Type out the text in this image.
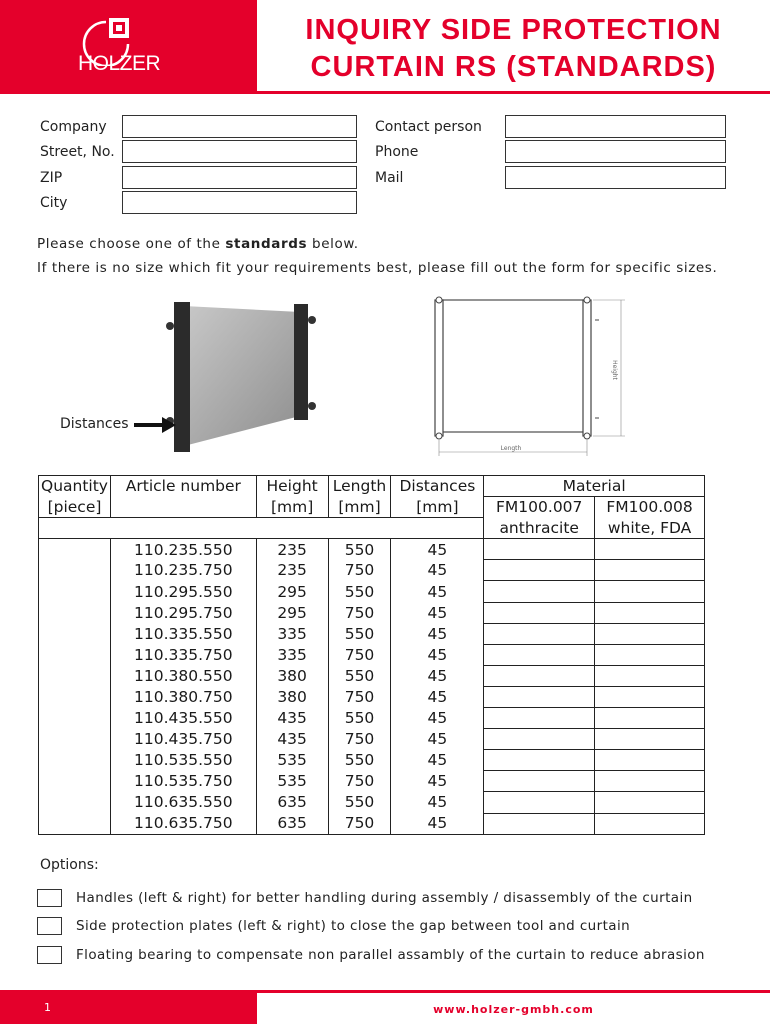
HOLZER
INQUIRY SIDE PROTECTION
CURTAIN RS (STANDARDS)
Company
Street, No.
ZIP
City
Contact person
Phone
Mail
Please choose one of the standards below.
If there is no size which fit your requirements best, please fill out the form for specific sizes.
Distances
Length
Height
Quantity	Article number	Height	Length	Distances	Material	
[piece]		[mm]	[mm]	[mm]	FM100.007	FM100.008
					anthracite	white, FDA
	110.235.550	235	550	45		
	110.235.750	235	750	45		
	110.295.550	295	550	45		
	110.295.750	295	750	45		
	110.335.550	335	550	45		
	110.335.750	335	750	45		
	110.380.550	380	550	45		
	110.380.750	380	750	45		
	110.435.550	435	550	45		
	110.435.750	435	750	45		
	110.535.550	535	550	45		
	110.535.750	535	750	45		
	110.635.550	635	550	45		
	110.635.750	635	750	45		
Options:
Handles (left & right) for better handling during assembly / disassembly of the curtain
Side protection plates (left & right) to close the gap between tool and curtain
Floating bearing to compensate non parallel assambly of the curtain to reduce abrasion
1	www.holzer-gmbh.com
